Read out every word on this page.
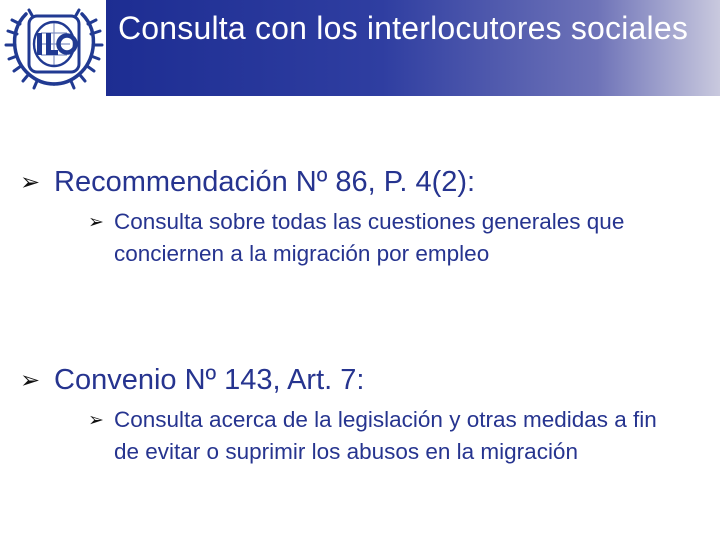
Consulta con los interlocutores sociales
➢ Recommendación Nº 86, P. 4(2):
➢ Consulta sobre todas las cuestiones generales que conciernen a la migración por empleo
➢ Convenio Nº 143, Art. 7:
➢ Consulta acerca de la legislación y otras medidas a fin de evitar o suprimir los abusos en la migración
